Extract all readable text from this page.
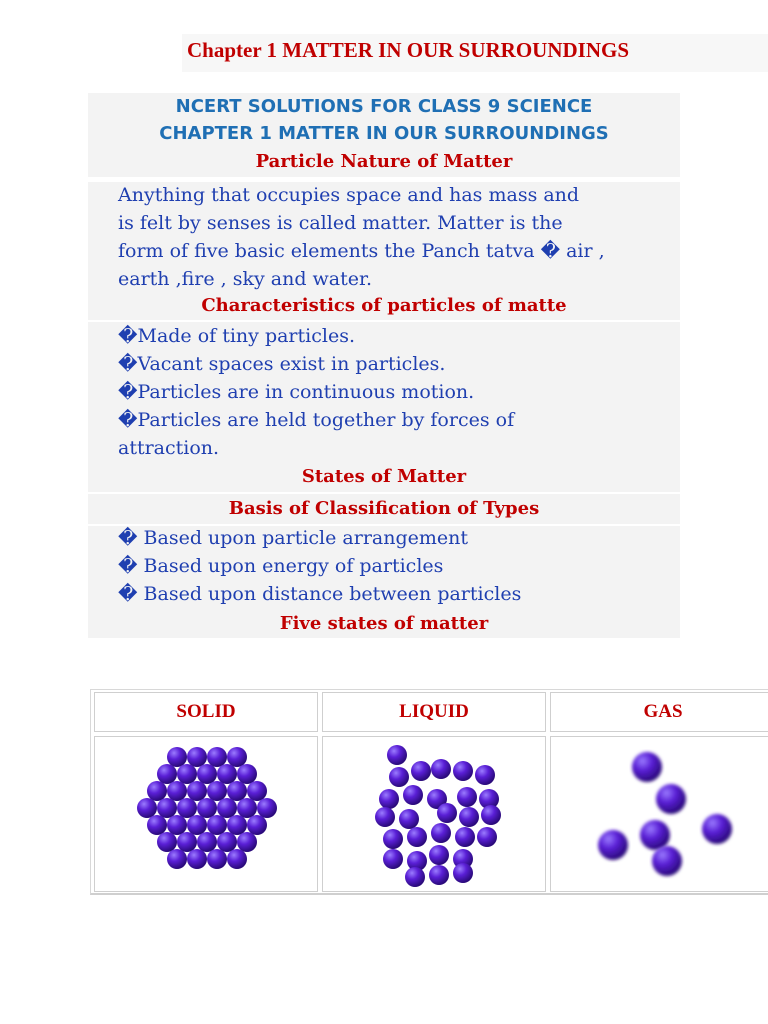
Chapter 1 MATTER IN OUR SURROUNDINGS
NCERT SOLUTIONS FOR CLASS 9 SCIENCE
CHAPTER 1 MATTER IN OUR SURROUNDINGS
Particle Nature of Matter
Anything that occupies space and has mass and
is felt by senses is called matter. Matter is the
form of five basic elements the Panch tatva � air ,
earth ,fire , sky and water.
Characteristics of particles of matte
�Made of tiny particles.
�Vacant spaces exist in particles.
�Particles are in continuous motion.
�Particles are held together by forces of
attraction.
States of Matter
Basis of Classification of Types
� Based upon particle arrangement
� Based upon energy of particles
� Based upon distance between particles
Five states of matter
SOLID	LIQUID	GAS
